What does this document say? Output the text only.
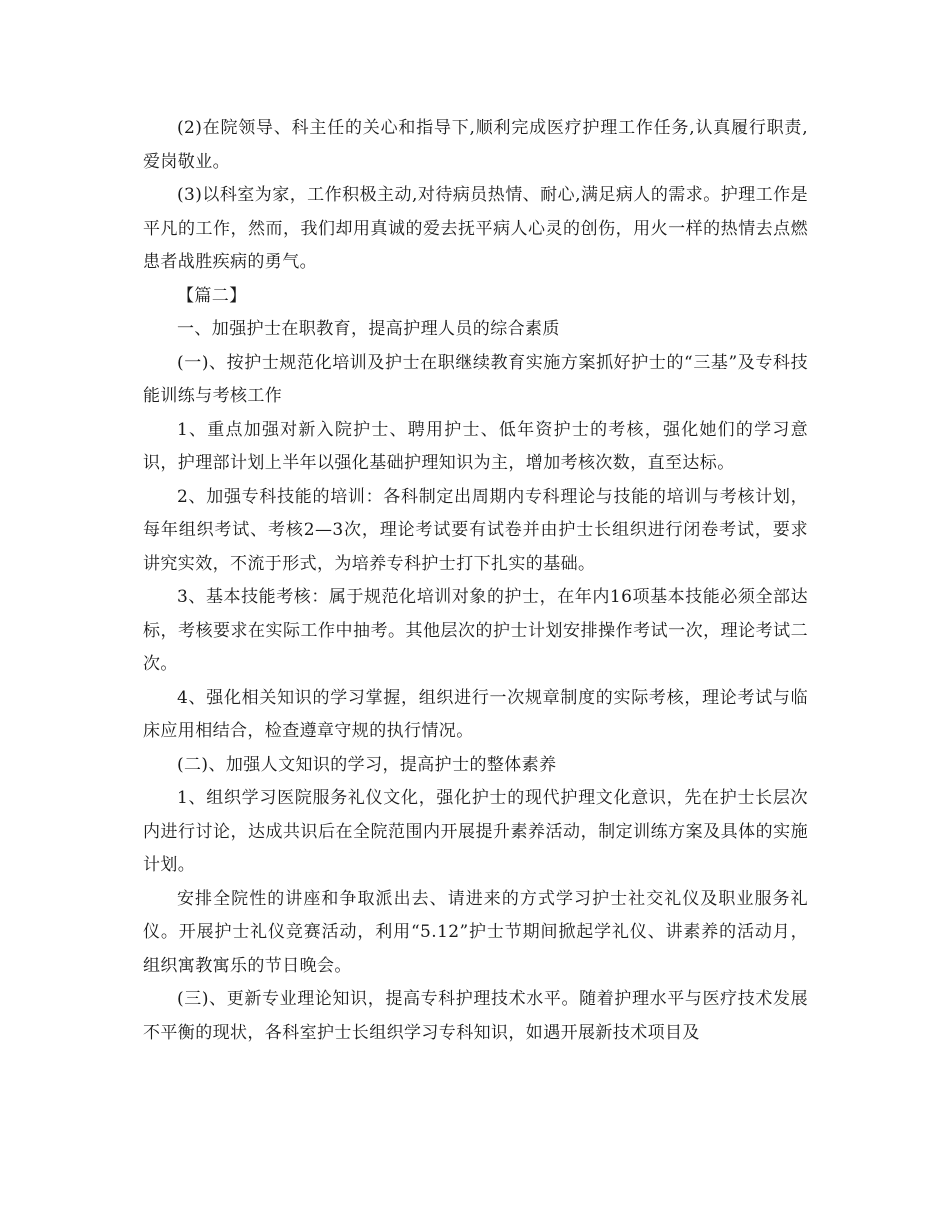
(2)在院领导、科主任的关心和指导下,顺利完成医疗护理工作任务,认真履行职责,爱岗敬业。

(3)以科室为家，工作积极主动,对待病员热情、耐心,满足病人的需求。护理工作是平凡的工作，然而，我们却用真诚的爱去抚平病人心灵的创伤，用火一样的热情去点燃患者战胜疾病的勇气。

【篇二】

一、加强护士在职教育，提高护理人员的综合素质

(一)、按护士规范化培训及护士在职继续教育实施方案抓好护士的“三基”及专科技能训练与考核工作

1、重点加强对新入院护士、聘用护士、低年资护士的考核，强化她们的学习意识，护理部计划上半年以强化基础护理知识为主，增加考核次数，直至达标。

2、加强专科技能的培训：各科制定出周期内专科理论与技能的培训与考核计划，每年组织考试、考核2—3次，理论考试要有试卷并由护士长组织进行闭卷考试，要求讲究实效，不流于形式，为培养专科护士打下扎实的基础。

3、基本技能考核：属于规范化培训对象的护士，在年内16项基本技能必须全部达标，考核要求在实际工作中抽考。其他层次的护士计划安排操作考试一次，理论考试二次。

4、强化相关知识的学习掌握，组织进行一次规章制度的实际考核，理论考试与临床应用相结合，检查遵章守规的执行情况。

(二)、加强人文知识的学习，提高护士的整体素养

1、组织学习医院服务礼仪文化，强化护士的现代护理文化意识，先在护士长层次内进行讨论，达成共识后在全院范围内开展提升素养活动，制定训练方案及具体的实施计划。

安排全院性的讲座和争取派出去、请进来的方式学习护士社交礼仪及职业服务礼仪。开展护士礼仪竞赛活动，利用“5.12”护士节期间掀起学礼仪、讲素养的活动月，组织寓教寓乐的节日晚会。

(三)、更新专业理论知识，提高专科护理技术水平。随着护理水平与医疗技术发展不平衡的现状，各科室护士长组织学习专科知识，如遇开展新技术项目及
